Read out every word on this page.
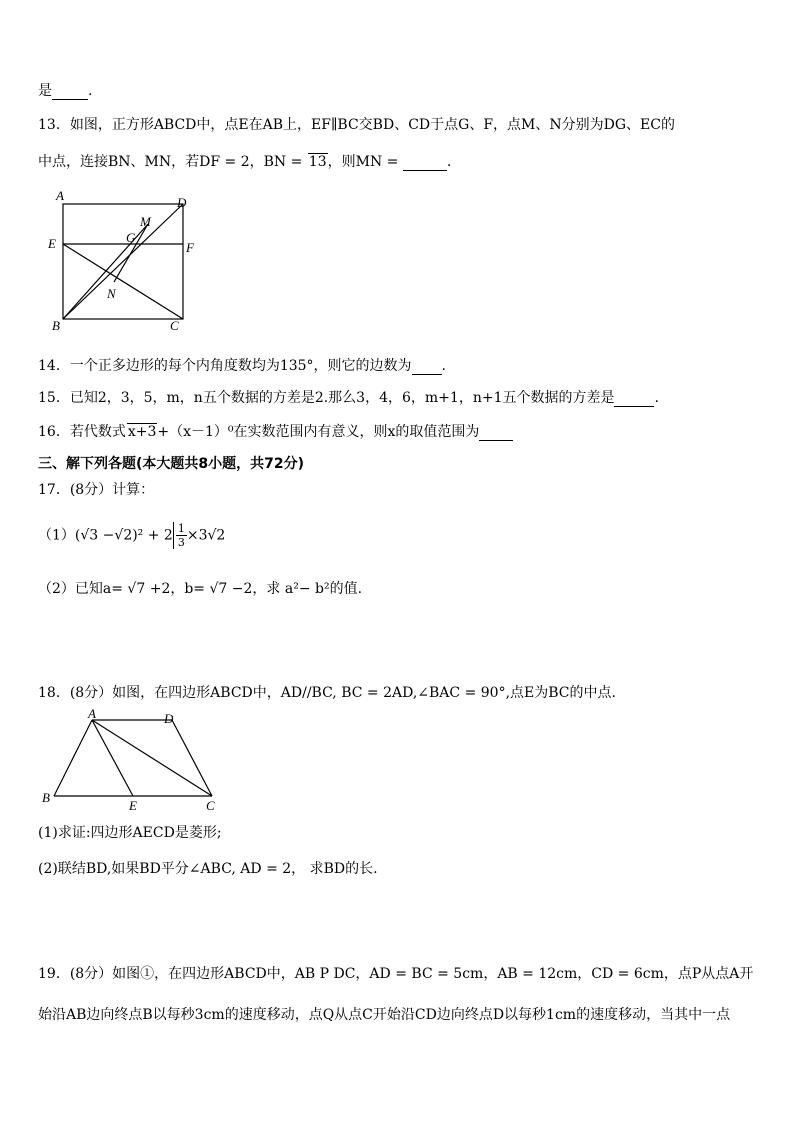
是	.
13．如图，正方形ABCD中，点E在AB上，EF∥BC交BD、CD于点G、F，点M、N分别为DG、EC的
中点，连接BN、MN，若DF = 2，BN = 13，则MN =	.
A	D
E	F
B	C
M
G
N
14．一个正多边形的每个内角度数均为135°，则它的边数为 .
15．已知2，3，5，m，n五个数据的方差是2.那么3，4，6，m+1，n+1五个数据的方差是	.
16．若代数式 x+3+（x－1）⁰在实数范围内有意义，则x的取值范围为
三、解下列各题(本大题共8小题，共72分)
17．(8分）计算：
$(1)(√3 -√2)^2 + 2 \frac{1}{3} \times 3√2$
（2）已知a= √7 +2，b= √7 −2，求 a²− b²的值.
18．(8分）如图，在四边形ABCD中，AD//BC, BC = 2AD,∠BAC = 90°,点E为BC的中点.
A	D
B
E	C
(1)求证:四边形AECD是菱形;
(2)联结BD,如果BD平分∠ABC, AD = 2， 求BD的长.
19．(8分）如图①，在四边形ABCD中，AB P DC，AD = BC = 5cm，AB = 12cm，CD = 6cm，点P从点A开
始沿AB边向终点B以每秒3cm的速度移动，点Q从点C开始沿CD边向终点D以每秒1cm的速度移动，当其中一点
